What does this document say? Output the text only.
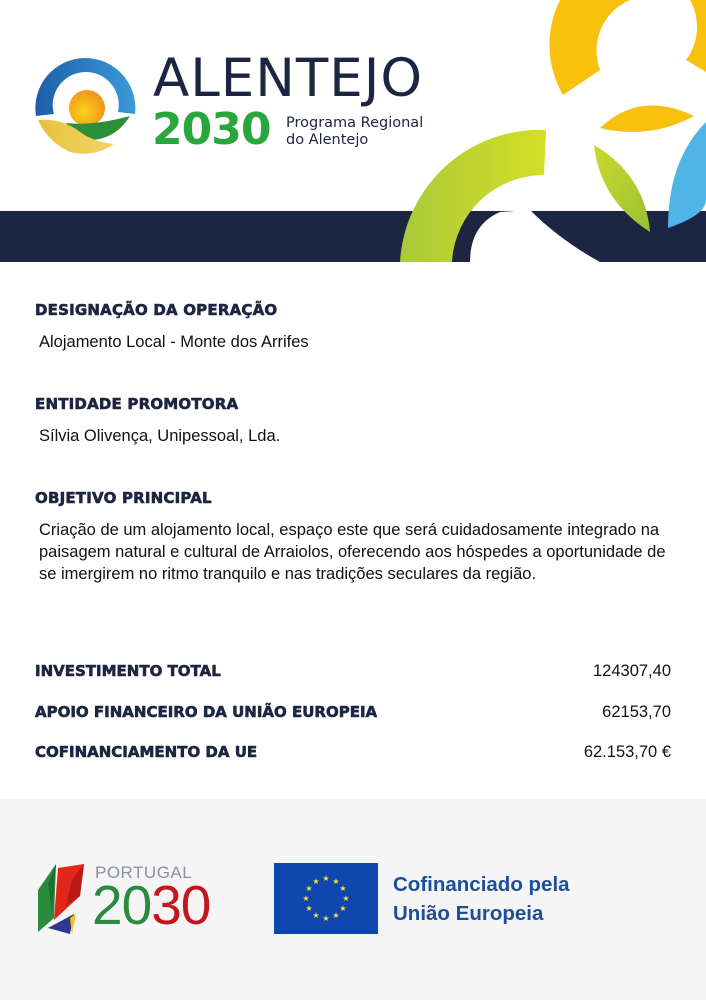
ALENTEJO
2030 Programa Regional
do Alentejo
DESIGNAÇÃO DA OPERAÇÃO
Alojamento Local - Monte dos Arrifes
ENTIDADE PROMOTORA
Sílvia Olivença, Unipessoal, Lda.
OBJETIVO PRINCIPAL
Criação de um alojamento local, espaço este que será cuidadosamente integrado na paisagem natural e cultural de Arraiolos, oferecendo aos hóspedes a oportunidade de se imergirem no ritmo tranquilo e nas tradições seculares da região.
INVESTIMENTO TOTAL	124307,40
APOIO FINANCEIRO DA UNIÃO EUROPEIA	62153,70
COFINANCIAMENTO DA UE	62.153,70 €
PORTUGAL
2030	★ ★
★
★
★
★
★
★
★
★
★
★	Cofinanciado pela
União Europeia
